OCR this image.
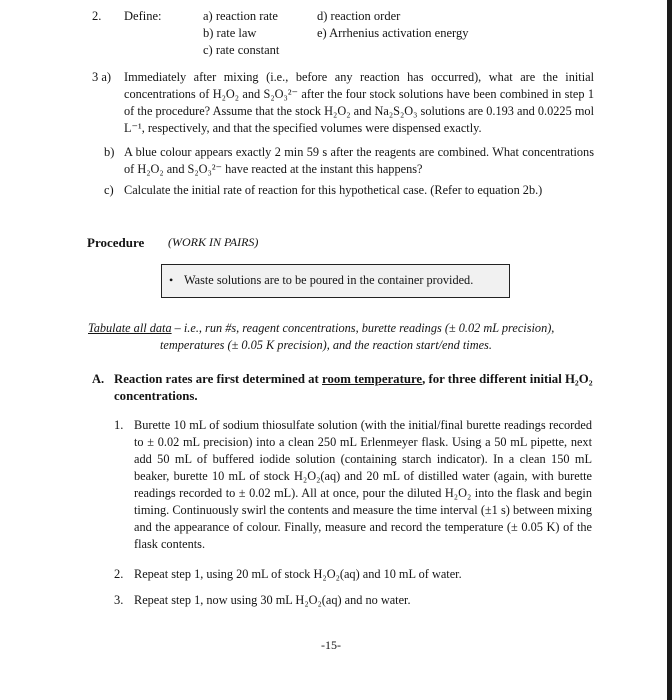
2. Define:	a) reaction rate

b) rate law

c) rate constant

d) reaction order

e) Arrhenius activation energy

3 a) Immediately after mixing (i.e., before any reaction has occurred), what are the initial concentrations of H₂O₂ and S₂O₃²⁻ after the four stock solutions have been combined in step 1 of the procedure? Assume that the stock H₂O₂ and Na₂S₂O₃ solutions are 0.193 and 0.0225 mol L⁻¹, respectively, and that the specified volumes were dispensed exactly.
b) A blue colour appears exactly 2 min 59 s after the reagents are combined. What concentrations of H₂O₂ and S₂O₃²⁻ have reacted at the instant this happens?
c) Calculate the initial rate of reaction for this hypothetical case. (Refer to equation 2b.)
Procedure (WORK IN PAIRS)
• Waste solutions are to be poured in the container provided.
Tabulate all data – i.e., run #s, reagent concentrations, burette readings (± 0.02 mL precision),
temperatures (± 0.05 K precision), and the reaction start/end times.
A. Reaction rates are first determined at room temperature, for three different initial H₂O₂ concentrations.
1. Burette 10 mL of sodium thiosulfate solution (with the initial/final burette readings recorded to ± 0.02 mL precision) into a clean 250 mL Erlenmeyer flask. Using a 50 mL pipette, next add 50 mL of buffered iodide solution (containing starch indicator). In a clean 150 mL beaker, burette 10 mL of stock H₂O₂(aq) and 20 mL of distilled water (again, with burette readings recorded to ± 0.02 mL). All at once, pour the diluted H₂O₂ into the flask and begin timing. Continuously swirl the contents and measure the time interval (±1 s) between mixing and the appearance of colour. Finally, measure and record the temperature (± 0.05 K) of the flask contents.
2. Repeat step 1, using 20 mL of stock H₂O₂(aq) and 10 mL of water.
3. Repeat step 1, now using 30 mL H₂O₂(aq) and no water.
-15-
